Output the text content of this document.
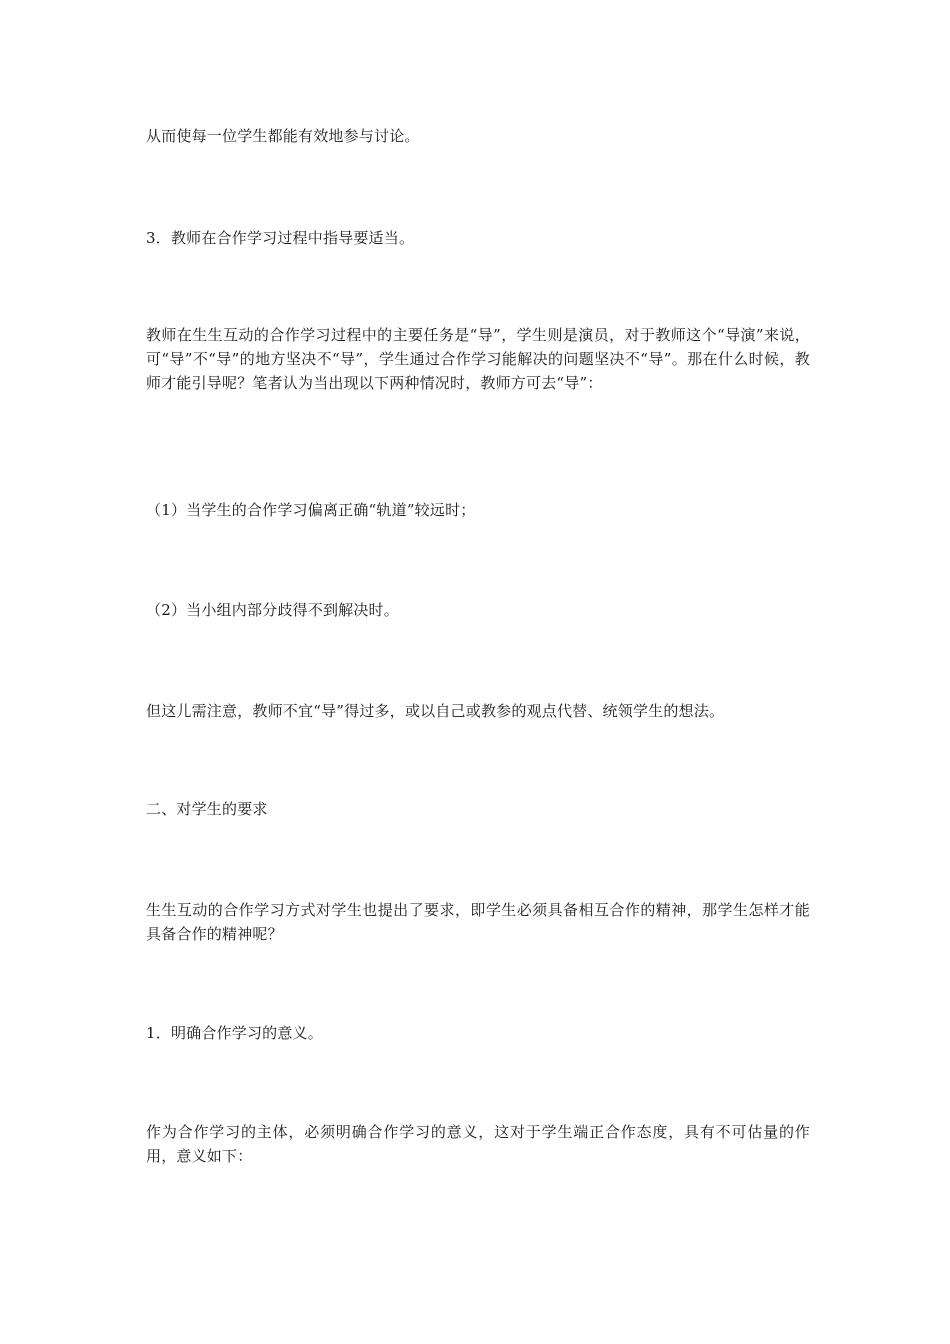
从而使每一位学生都能有效地参与讨论。

3．教师在合作学习过程中指导要适当。

教师在生生互动的合作学习过程中的主要任务是“导”，学生则是演员，对于教师这个“导演”来说，可“导”不“导”的地方坚决不“导”，学生通过合作学习能解决的问题坚决不“导”。那在什么时候，教师才能引导呢？笔者认为当出现以下两种情况时，教师方可去“导”：

（1）当学生的合作学习偏离正确“轨道”较远时；

（2）当小组内部分歧得不到解决时。

但这儿需注意，教师不宜“导”得过多，或以自己或教参的观点代替、统领学生的想法。

二、对学生的要求

生生互动的合作学习方式对学生也提出了要求，即学生必须具备相互合作的精神，那学生怎样才能具备合作的精神呢？

1．明确合作学习的意义。

作为合作学习的主体，必须明确合作学习的意义，这对于学生端正合作态度，具有不可估量的作用，意义如下：
